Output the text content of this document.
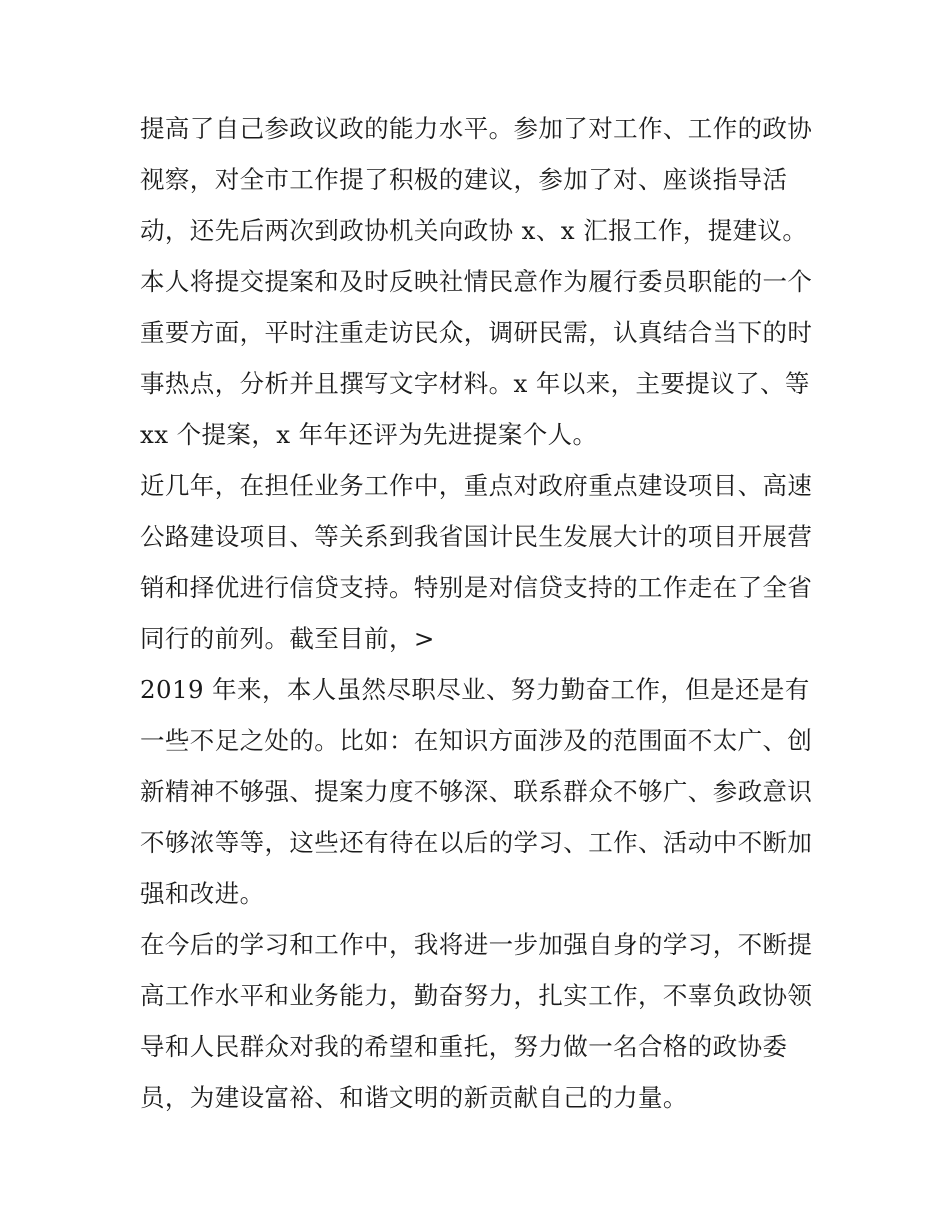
提高了自己参政议政的能力水平。参加了对工作、工作的政协
视察，对全市工作提了积极的建议，参加了对、座谈指导活
动，还先后两次到政协机关向政协 x、x 汇报工作，提建议。
本人将提交提案和及时反映社情民意作为履行委员职能的一个
重要方面，平时注重走访民众，调研民需，认真结合当下的时
事热点，分析并且撰写文字材料。x 年以来，主要提议了、等
xx 个提案，x 年年还评为先进提案个人。
近几年，在担任业务工作中，重点对政府重点建设项目、高速
公路建设项目、等关系到我省国计民生发展大计的项目开展营
销和择优进行信贷支持。特别是对信贷支持的工作走在了全省
同行的前列。截至目前，>
2019 年来，本人虽然尽职尽业、努力勤奋工作，但是还是有
一些不足之处的。比如：在知识方面涉及的范围面不太广、创
新精神不够强、提案力度不够深、联系群众不够广、参政意识
不够浓等等，这些还有待在以后的学习、工作、活动中不断加
强和改进。
在今后的学习和工作中，我将进一步加强自身的学习，不断提
高工作水平和业务能力，勤奋努力，扎实工作，不辜负政协领
导和人民群众对我的希望和重托，努力做一名合格的政协委
员，为建设富裕、和谐文明的新贡献自己的力量。
